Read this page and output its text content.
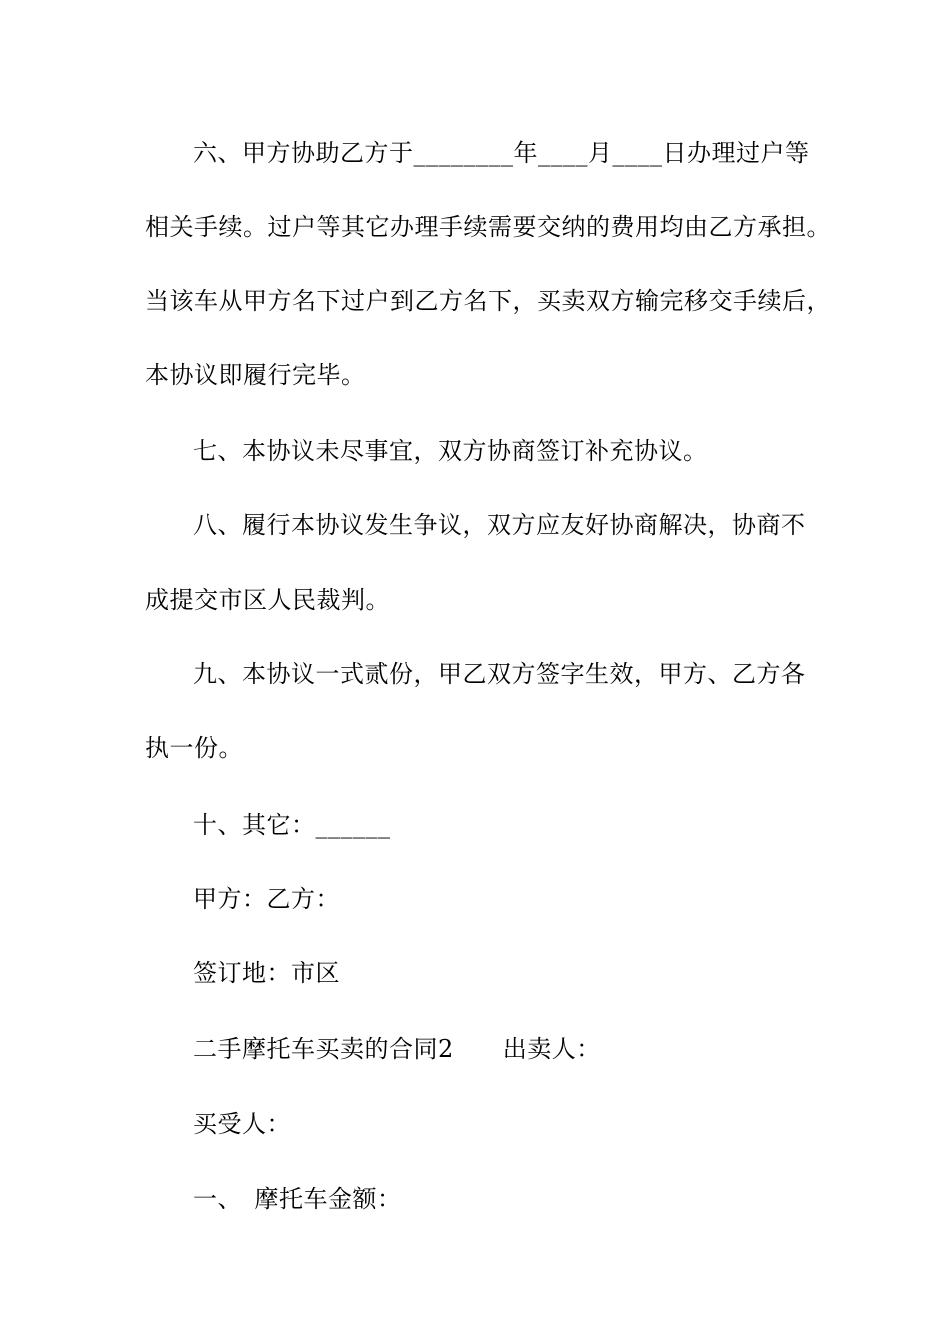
六、甲方协助乙方于________年____月____日办理过户等
相关手续。过户等其它办理手续需要交纳的费用均由乙方承担。
当该车从甲方名下过户到乙方名下，买卖双方输完移交手续后，
本协议即履行完毕。
七、本协议未尽事宜，双方协商签订补充协议。
八、履行本协议发生争议，双方应友好协商解决，协商不
成提交市区人民裁判。
九、本协议一式贰份，甲乙双方签字生效，甲方、乙方各
执一份。
十、其它：______
甲方：乙方：
签订地：市区
二手摩托车买卖的合同2　　出卖人：
买受人：
一、　摩托车金额：
